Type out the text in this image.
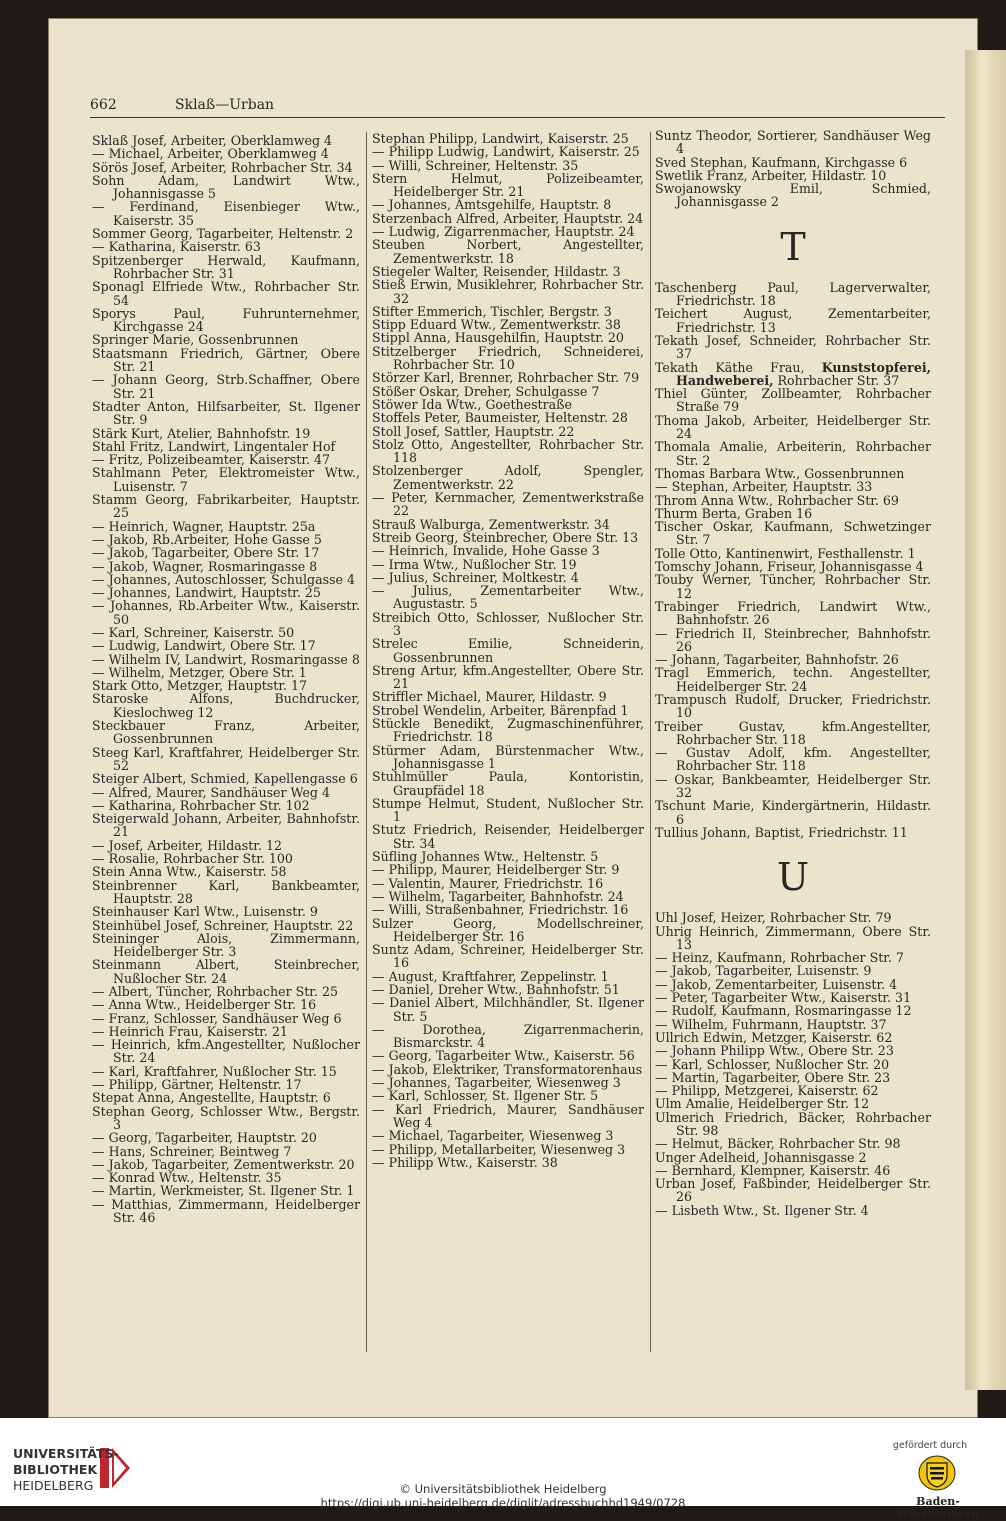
662	Sklaß—Urban

Sklaß Josef, Arbeiter, Oberklamweg 4

— Michael, Arbeiter, Oberklamweg 4

Sörös Josef, Arbeiter, Rohrbacher Str. 34

Sohn Adam, Landwirt Wtw., Johannisgasse 5

— Ferdinand, Eisenbieger Wtw., Kaiserstr. 35

Sommer Georg, Tagarbeiter, Heltenstr. 2

— Katharina, Kaiserstr. 63

Spitzenberger Herwald, Kaufmann, Rohrbacher Str. 31

Sponagl Elfriede Wtw., Rohrbacher Str. 54

Sporys Paul, Fuhrunternehmer, Kirchgasse 24

Springer Marie, Gossenbrunnen

Staatsmann Friedrich, Gärtner, Obere Str. 21

— Johann Georg, Strb.Schaffner, Obere Str. 21

Stadter Anton, Hilfsarbeiter, St. Ilgener Str. 9

Stärk Kurt, Atelier, Bahnhofstr. 19

Stahl Fritz, Landwirt, Lingentaler Hof

— Fritz, Polizeibeamter, Kaiserstr. 47

Stahlmann Peter, Elektromeister Wtw., Luisenstr. 7

Stamm Georg, Fabrikarbeiter, Hauptstr. 25

— Heinrich, Wagner, Hauptstr. 25a

— Jakob, Rb.Arbeiter, Hohe Gasse 5

— Jakob, Tagarbeiter, Obere Str. 17

— Jakob, Wagner, Rosmaringasse 8

— Johannes, Autoschlosser, Schulgasse 4

— Johannes, Landwirt, Hauptstr. 25

— Johannes, Rb.Arbeiter Wtw., Kaiserstr. 50

— Karl, Schreiner, Kaiserstr. 50

— Ludwig, Landwirt, Obere Str. 17

— Wilhelm IV, Landwirt, Rosmaringasse 8

— Wilhelm, Metzger, Obere Str. 1

Stark Otto, Metzger, Hauptstr. 17

Staroske Alfons, Buchdrucker, Kieslochweg 12

Steckbauer Franz, Arbeiter, Gossenbrunnen

Steeg Karl, Kraftfahrer, Heidelberger Str. 52

Steiger Albert, Schmied, Kapellengasse 6

— Alfred, Maurer, Sandhäuser Weg 4

— Katharina, Rohrbacher Str. 102

Steigerwald Johann, Arbeiter, Bahnhofstr. 21

— Josef, Arbeiter, Hildastr. 12

— Rosalie, Rohrbacher Str. 100

Stein Anna Wtw., Kaiserstr. 58

Steinbrenner Karl, Bankbeamter, Hauptstr. 28

Steinhauser Karl Wtw., Luisenstr. 9

Steinhübel Josef, Schreiner, Hauptstr. 22

Steininger Alois, Zimmermann, Heidelberger Str. 3

Steinmann Albert, Steinbrecher, Nußlocher Str. 24

— Albert, Tüncher, Rohrbacher Str. 25

— Anna Wtw., Heidelberger Str. 16

— Franz, Schlosser, Sandhäuser Weg 6

— Heinrich Frau, Kaiserstr. 21

— Heinrich, kfm.Angestellter, Nußlocher Str. 24

— Karl, Kraftfahrer, Nußlocher Str. 15

— Philipp, Gärtner, Heltenstr. 17

Stepat Anna, Angestellte, Hauptstr. 6

Stephan Georg, Schlosser Wtw., Bergstr. 3

— Georg, Tagarbeiter, Hauptstr. 20

— Hans, Schreiner, Beintweg 7

— Jakob, Tagarbeiter, Zementwerkstr. 20

— Konrad Wtw., Heltenstr. 35

— Martin, Werkmeister, St. Ilgener Str. 1

— Matthias, Zimmermann, Heidelberger Str. 46

Stephan Philipp, Landwirt, Kaiserstr. 25

— Philipp Ludwig, Landwirt, Kaiserstr. 25

— Willi, Schreiner, Heltenstr. 35

Stern Helmut, Polizeibeamter, Heidelberger Str. 21

— Johannes, Amtsgehilfe, Hauptstr. 8

Sterzenbach Alfred, Arbeiter, Hauptstr. 24

— Ludwig, Zigarrenmacher, Hauptstr. 24

Steuben Norbert, Angestellter, Zementwerkstr. 18

Stiegeler Walter, Reisender, Hildastr. 3

Stieß Erwin, Musiklehrer, Rohrbacher Str. 32

Stifter Emmerich, Tischler, Bergstr. 3

Stipp Eduard Wtw., Zementwerkstr. 38

Stippl Anna, Hausgehilfin, Hauptstr. 20

Stitzelberger Friedrich, Schneiderei, Rohrbacher Str. 10

Störzer Karl, Brenner, Rohrbacher Str. 79

Stößer Oskar, Dreher, Schulgasse 7

Stöwer Ida Wtw., Goethestraße

Stoffels Peter, Baumeister, Heltenstr. 28

Stoll Josef, Sattler, Hauptstr. 22

Stolz Otto, Angestellter, Rohrbacher Str. 118

Stolzenberger Adolf, Spengler, Zementwerkstr. 22

— Peter, Kernmacher, Zementwerkstraße 22

Strauß Walburga, Zementwerkstr. 34

Streib Georg, Steinbrecher, Obere Str. 13

— Heinrich, Invalide, Hohe Gasse 3

— Irma Wtw., Nußlocher Str. 19

— Julius, Schreiner, Moltkestr. 4

— Julius, Zementarbeiter Wtw., Augustastr. 5

Streibich Otto, Schlosser, Nußlocher Str. 3

Strelec Emilie, Schneiderin, Gossenbrunnen

Streng Artur, kfm.Angestellter, Obere Str. 21

Striffler Michael, Maurer, Hildastr. 9

Strobel Wendelin, Arbeiter, Bärenpfad 1

Stückle Benedikt, Zugmaschinenführer, Friedrichstr. 18

Stürmer Adam, Bürstenmacher Wtw., Johannisgasse 1

Stuhlmüller Paula, Kontoristin, Graupfädel 18

Stumpe Helmut, Student, Nußlocher Str. 1

Stutz Friedrich, Reisender, Heidelberger Str. 34

Süfling Johannes Wtw., Heltenstr. 5

— Philipp, Maurer, Heidelberger Str. 9

— Valentin, Maurer, Friedrichstr. 16

— Wilhelm, Tagarbeiter, Bahnhofstr. 24

— Willi, Straßenbahner, Friedrichstr. 16

Sulzer Georg, Modellschreiner, Heidelberger Str. 16

Suntz Adam, Schreiner, Heidelberger Str. 16

— August, Kraftfahrer, Zeppelinstr. 1

— Daniel, Dreher Wtw., Bahnhofstr. 51

— Daniel Albert, Milchhändler, St. Ilgener Str. 5

— Dorothea, Zigarrenmacherin, Bismarckstr. 4

— Georg, Tagarbeiter Wtw., Kaiserstr. 56

— Jakob, Elektriker, Transformatorenhaus

— Johannes, Tagarbeiter, Wiesenweg 3

— Karl, Schlosser, St. Ilgener Str. 5

— Karl Friedrich, Maurer, Sandhäuser Weg 4

— Michael, Tagarbeiter, Wiesenweg 3

— Philipp, Metallarbeiter, Wiesenweg 3

— Philipp Wtw., Kaiserstr. 38

Suntz Theodor, Sortierer, Sandhäuser Weg 4

Sved Stephan, Kaufmann, Kirchgasse 6

Swetlik Franz, Arbeiter, Hildastr. 10

Swojanowsky Emil, Schmied, Johannisgasse 2

T

Taschenberg Paul, Lagerverwalter, Friedrichstr. 18

Teichert August, Zementarbeiter, Friedrichstr. 13

Tekath Josef, Schneider, Rohrbacher Str. 37

Tekath Käthe Frau, Kunststopferei, Handweberei, Rohrbacher Str. 37

Thiel Günter, Zollbeamter, Rohrbacher Straße 79

Thoma Jakob, Arbeiter, Heidelberger Str. 24

Thomala Amalie, Arbeiterin, Rohrbacher Str. 2

Thomas Barbara Wtw., Gossenbrunnen

— Stephan, Arbeiter, Hauptstr. 33

Throm Anna Wtw., Rohrbacher Str. 69

Thurm Berta, Graben 16

Tischer Oskar, Kaufmann, Schwetzinger Str. 7

Tolle Otto, Kantinenwirt, Festhallenstr. 1

Tomschy Johann, Friseur, Johannisgasse 4

Touby Werner, Tüncher, Rohrbacher Str. 12

Trabinger Friedrich, Landwirt Wtw., Bahnhofstr. 26

— Friedrich II, Steinbrecher, Bahnhofstr. 26

— Johann, Tagarbeiter, Bahnhofstr. 26

Tragl Emmerich, techn. Angestellter, Heidelberger Str. 24

Trampusch Rudolf, Drucker, Friedrichstr. 10

Treiber Gustav, kfm.Angestellter, Rohrbacher Str. 118

— Gustav Adolf, kfm. Angestellter, Rohrbacher Str. 118

— Oskar, Bankbeamter, Heidelberger Str. 32

Tschunt Marie, Kindergärtnerin, Hildastr. 6

Tullius Johann, Baptist, Friedrichstr. 11

U

Uhl Josef, Heizer, Rohrbacher Str. 79

Uhrig Heinrich, Zimmermann, Obere Str. 13

— Heinz, Kaufmann, Rohrbacher Str. 7

— Jakob, Tagarbeiter, Luisenstr. 9

— Jakob, Zementarbeiter, Luisenstr. 4

— Peter, Tagarbeiter Wtw., Kaiserstr. 31

— Rudolf, Kaufmann, Rosmaringasse 12

— Wilhelm, Fuhrmann, Hauptstr. 37

Ullrich Edwin, Metzger, Kaiserstr. 62

— Johann Philipp Wtw., Obere Str. 23

— Karl, Schlosser, Nußlocher Str. 20

— Martin, Tagarbeiter, Obere Str. 23

— Philipp, Metzgerei, Kaiserstr. 62

Ulm Amalie, Heidelberger Str. 12

Ulmerich Friedrich, Bäcker, Rohrbacher Str. 98

— Helmut, Bäcker, Rohrbacher Str. 98

Unger Adelheid, Johannisgasse 2

— Bernhard, Klempner, Kaiserstr. 46

Urban Josef, Faßbinder, Heidelberger Str. 26

— Lisbeth Wtw., St. Ilgener Str. 4

UNIVERSITÄTS-
BIBLIOTHEK
HEIDELBERG	© Universitätsbibliothek Heidelberg
https://digi.ub.uni-heidelberg.de/diglit/adressbuchhd1949/0728
gefördert durch
Baden-Württemberg
